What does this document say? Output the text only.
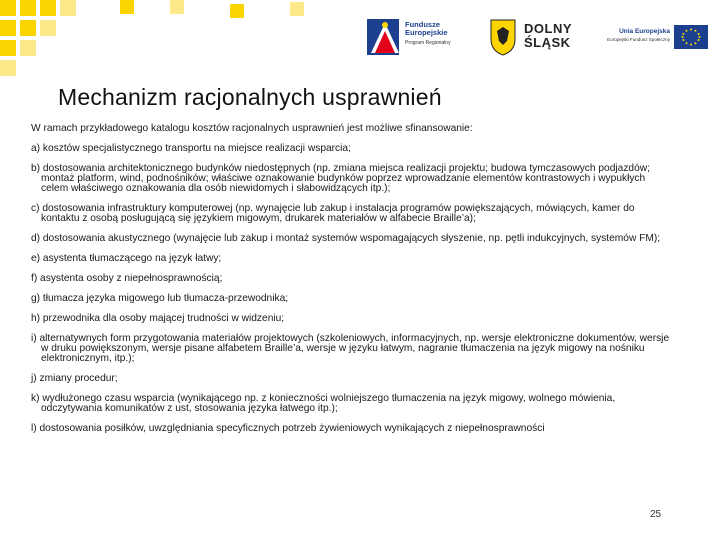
Fundusze
Europejskie
Program Regionalny
DOLNY
ŚLĄSK
Unia Europejska
Europejski Fundusz Społeczny
Mechanizm racjonalnych usprawnień

W ramach przykładowego katalogu kosztów racjonalnych usprawnień jest możliwe sfinansowanie:

a) kosztów specjalistycznego transportu na miejsce realizacji wsparcia;

b) dostosowania architektonicznego budynków niedostępnych (np. zmiana miejsca realizacji projektu; budowa tymczasowych podjazdów; montaż platform, wind, podnośników; właściwe oznakowanie budynków poprzez wprowadzanie elementów kontrastowych i wypukłych celem właściwego oznakowania dla osób niewidomych i słabowidzących itp.);

c) dostosowania infrastruktury komputerowej (np. wynajęcie lub zakup i instalacja programów powiększających, mówiących, kamer do kontaktu z osobą posługującą się językiem migowym, drukarek materiałów w alfabecie Braille’a);

d) dostosowania akustycznego (wynajęcie lub zakup i montaż systemów wspomagających słyszenie, np. pętli indukcyjnych, systemów FM);

e) asystenta tłumaczącego na język łatwy;

f) asystenta osoby z niepełnosprawnością;

g) tłumacza języka migowego lub tłumacza-przewodnika;

h) przewodnika dla osoby mającej trudności w widzeniu;

i) alternatywnych form przygotowania materiałów projektowych (szkoleniowych, informacyjnych, np. wersje elektroniczne dokumentów, wersje w druku powiększonym, wersje pisane alfabetem Braille’a, wersje w języku łatwym, nagranie tłumaczenia na język migowy na nośniku elektronicznym, itp.);

j) zmiany procedur;

k) wydłużonego czasu wsparcia (wynikającego np. z konieczności wolniejszego tłumaczenia na język migowy, wolnego mówienia, odczytywania komunikatów z ust, stosowania języka łatwego itp.);

l) dostosowania posiłków, uwzględniania specyficznych potrzeb żywieniowych wynikających z niepełnosprawności

25
